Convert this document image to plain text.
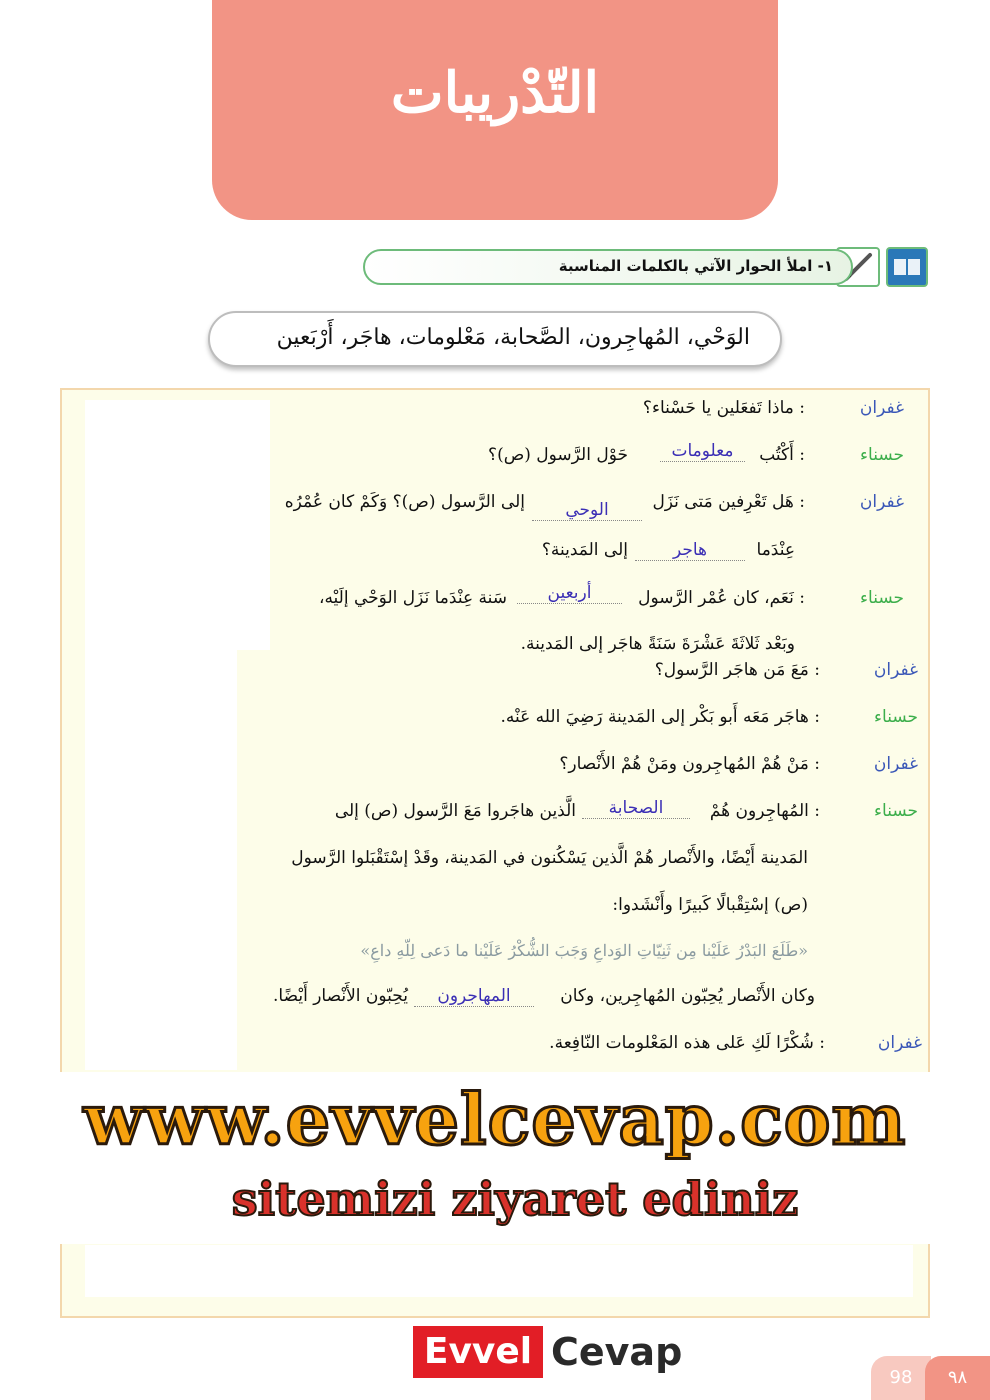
التّدْريبات
١- املأ الحوار الآتي بالكلمات المناسبة
الوَحْي، المُهاجِرون، الصَّحابة، مَعْلومات، هاجَر، أَرْبَعين
غفران
: ماذا تَفعَلين يا حَسْناء؟
حسناء
: أَكْتُب
معلومات
حَوْل الرَّسول (ص)؟
غفران
: هَل تَعْرِفين مَتى نَزَل
الوحي
إلى الرَّسول (ص)؟ وَكَمْ كان عُمْرُه
عِنْدَما
هاجر
إلى المَدينة؟
حسناء
: نَعَم، كان عُمْر الرَّسول
أربعين
سَنة عِنْدَما نَزَل الوَحْي إلَيْه،
وبَعْد ثَلاثَةَ عَشْرَةَ سَنَةً هاجَر إلى المَدينة.
غفران
: مَعَ مَن هاجَر الرَّسول؟
حسناء
: هاجَر مَعَه أَبو بَكْر إلى المَدينة رَضِيَ الله عَنْه.
غفران
: مَنْ هُمْ المُهاجِرون ومَنْ هُمْ الأَنْصار؟
حسناء
: المُهاجِرون هُمْ
الصحابة
الَّذين هاجَروا مَعَ الرَّسول (ص) إلى
المَدينة أَيْضًا، والأَنْصار هُمْ الَّذين يَسْكُنون في المَدينة، وقَدْ إسْتَقْبَلوا الرَّسول
(ص) إسْتِقْبالًا كَبيرًا وأَنْشَدوا:
«طَلَعَ البَدْرُ عَلَيْنا مِن ثَنِيّاتِ الوَداعِ وَجَبَ الشُّكْرُ عَلَيْنا ما دَعى لِلّهِ داعِ»
وكان الأَنْصار يُحِبّون المُهاجِرين، وكان
المهاجرون
يُحِبّون الأَنْصار أَيْضًا.
غفران
: شُكْرًا لَكِ عَلى هذه المَعْلومات النّافِعة.
www.evvelcevap.com
sitemizi ziyaret ediniz
Evvel Cevap
98	٩٨
